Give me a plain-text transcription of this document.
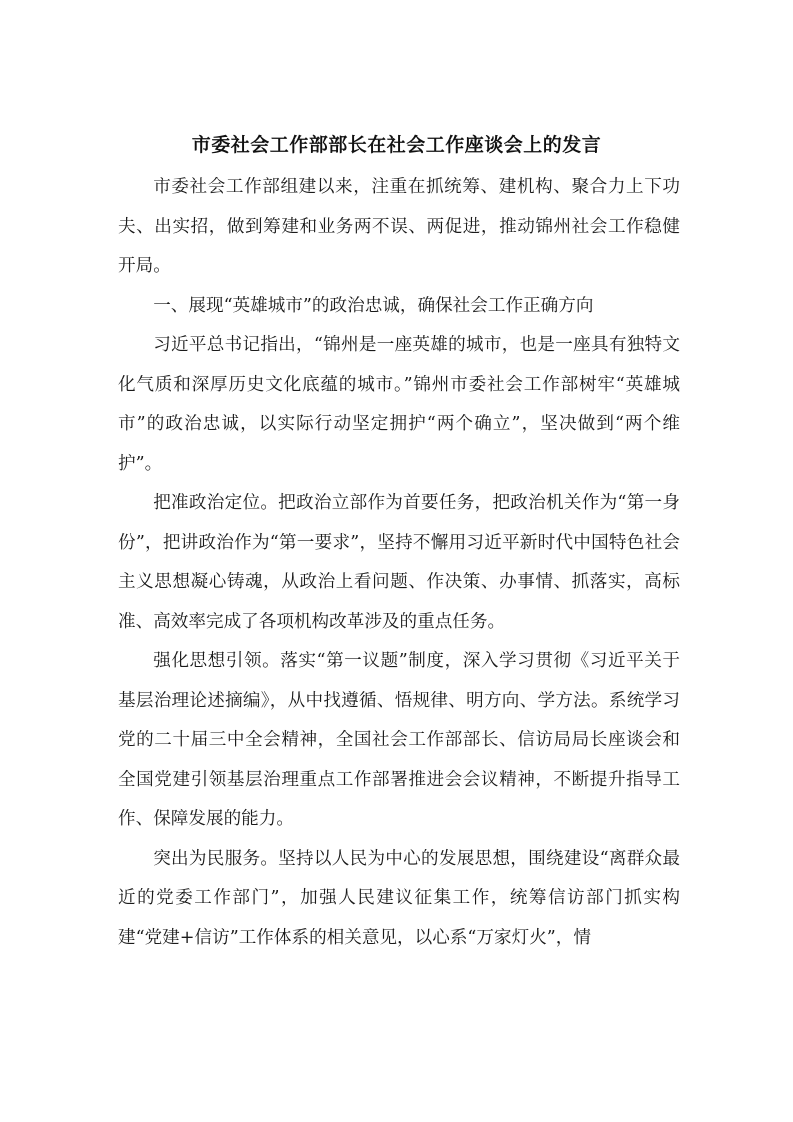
市委社会工作部部长在社会工作座谈会上的发言

市委社会工作部组建以来，注重在抓统筹、建机构、聚合力上下功夫、出实招，做到筹建和业务两不误、两促进，推动锦州社会工作稳健开局。

一、展现“英雄城市”的政治忠诚，确保社会工作正确方向

习近平总书记指出，“锦州是一座英雄的城市，也是一座具有独特文化气质和深厚历史文化底蕴的城市。”锦州市委社会工作部树牢“英雄城市”的政治忠诚，以实际行动坚定拥护“两个确立”，坚决做到“两个维护”。

把准政治定位。把政治立部作为首要任务，把政治机关作为“第一身份”，把讲政治作为“第一要求”，坚持不懈用习近平新时代中国特色社会主义思想凝心铸魂，从政治上看问题、作决策、办事情、抓落实，高标准、高效率完成了各项机构改革涉及的重点任务。

强化思想引领。落实“第一议题”制度，深入学习贯彻《习近平关于基层治理论述摘编》，从中找遵循、悟规律、明方向、学方法。系统学习党的二十届三中全会精神，全国社会工作部部长、信访局局长座谈会和全国党建引领基层治理重点工作部署推进会会议精神，不断提升指导工作、保障发展的能力。

突出为民服务。坚持以人民为中心的发展思想，围绕建设“离群众最近的党委工作部门”，加强人民建议征集工作，统筹信访部门抓实构建“党建+信访”工作体系的相关意见，以心系“万家灯火”，情
